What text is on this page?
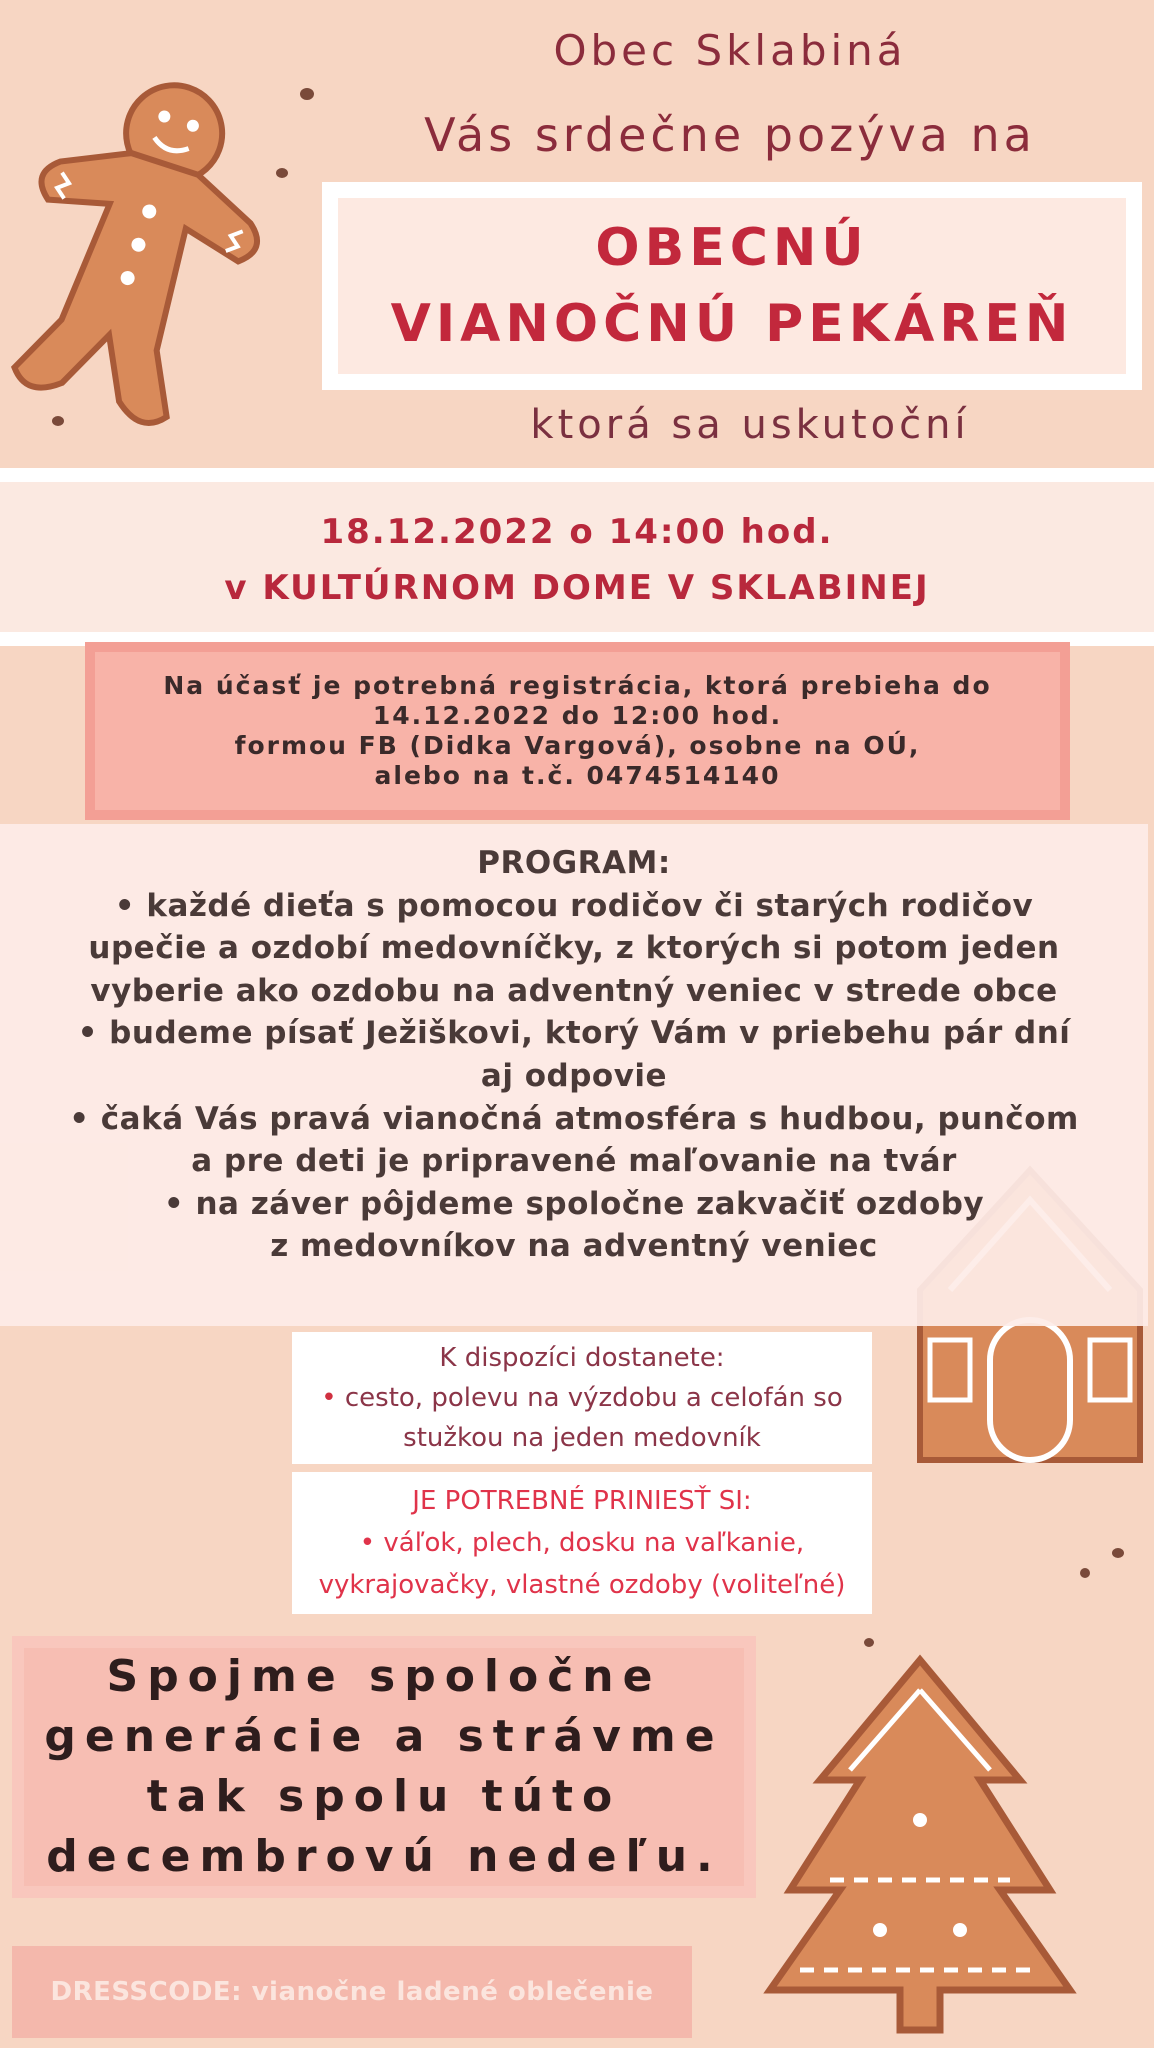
Obec Sklabiná
Vás srdečne pozýva na
OBECNÚ
VIANOČNÚ PEKÁREŇ
ktorá sa uskutoční
18.12.2022 o 14:00 hod.
v KULTÚRNOM DOME V SKLABINEJ
Na účasť je potrebná registrácia, ktorá prebieha do
14.12.2022 do 12:00 hod.
formou FB (Didka Vargová), osobne na OÚ,
alebo na t.č. 0474514140
PROGRAM:
• každé dieťa s pomocou rodičov či starých rodičov
upečie a ozdobí medovníčky, z ktorých si potom jeden
vyberie ako ozdobu na adventný veniec v strede obce
• budeme písať Ježiškovi, ktorý Vám v priebehu pár dní
aj odpovie
• čaká Vás pravá vianočná atmosféra s hudbou, punčom
a pre deti je pripravené maľovanie na tvár
• na záver pôjdeme spoločne zakvačiť ozdoby
z medovníkov na adventný veniec
K dispozíci dostanete:
• cesto, polevu na výzdobu a celofán so
stužkou na jeden medovník
JE POTREBNÉ PRINIESŤ SI:
• váľok, plech, dosku na vaľkanie,
vykrajovačky, vlastné ozdoby (voliteľné)
Spojme spoločne
generácie a strávme
tak spolu túto
decembrovú nedeľu.
DRESSCODE: vianočne ladené oblečenie
